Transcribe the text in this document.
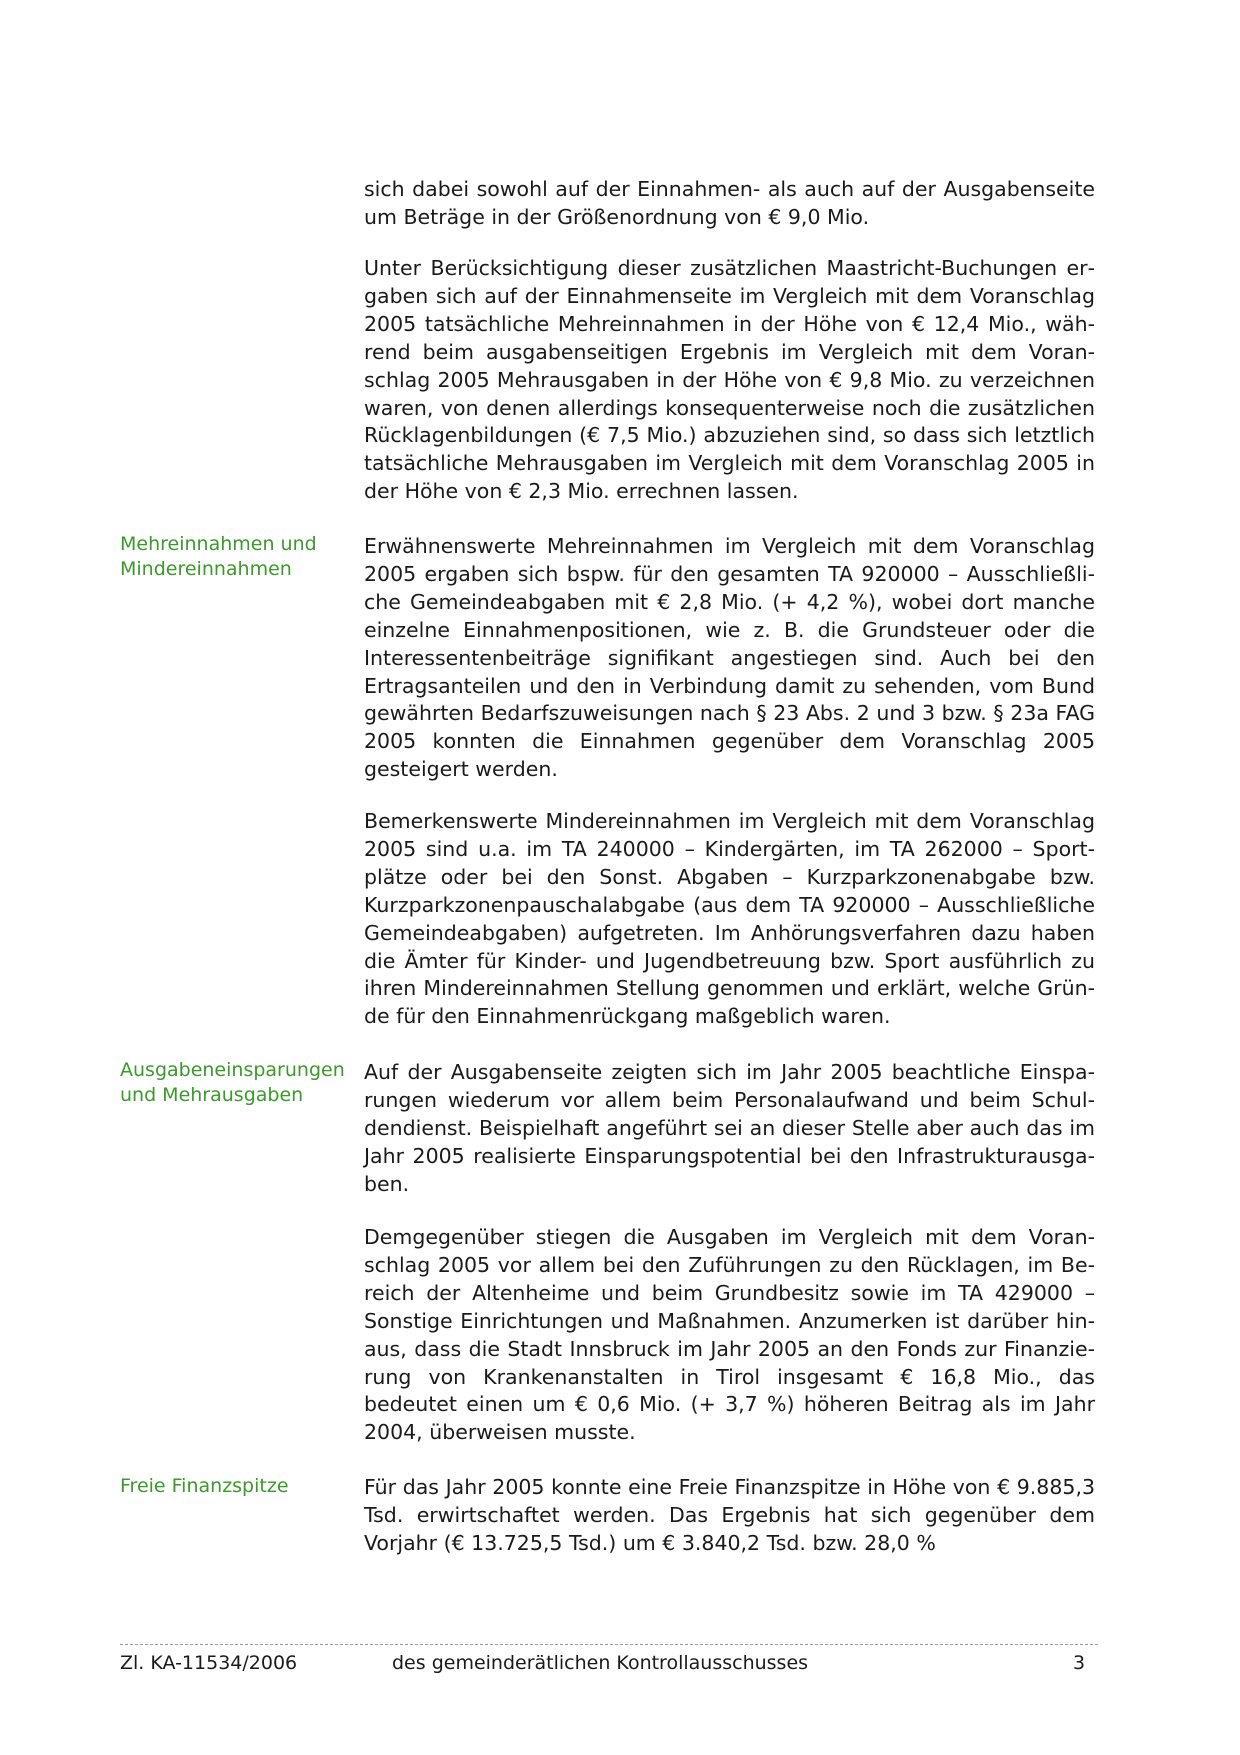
sich dabei sowohl auf der Einnahmen- als auch auf der Ausgabenseite um Beträge in der Größenordnung von € 9,0 Mio.
Unter Berücksichtigung dieser zusätzlichen Maastricht-Buchungen ergaben sich auf der Einnahmenseite im Vergleich mit dem Voranschlag 2005 tatsächliche Mehreinnahmen in der Höhe von € 12,4 Mio., während beim ausgabenseitigen Ergebnis im Vergleich mit dem Voranschlag 2005 Mehrausgaben in der Höhe von € 9,8 Mio. zu verzeichnen waren, von denen allerdings konsequenterweise noch die zusätzlichen Rücklagenbildungen (€ 7,5 Mio.) abzuziehen sind, so dass sich letztlich tatsächliche Mehrausgaben im Vergleich mit dem Voranschlag 2005 in der Höhe von € 2,3 Mio. errechnen lassen.
Mehreinnahmen und
Mindereinnahmen
Erwähnenswerte Mehreinnahmen im Vergleich mit dem Voranschlag 2005 ergaben sich bspw. für den gesamten TA 920000 – Ausschließliche Gemeindeabgaben mit € 2,8 Mio. (+ 4,2 %), wobei dort manche einzelne Einnahmenpositionen, wie z. B. die Grundsteuer oder die Interessentenbeiträge signifikant angestiegen sind. Auch bei den Ertragsanteilen und den in Verbindung damit zu sehenden, vom Bund gewährten Bedarfszuweisungen nach § 23 Abs. 2 und 3 bzw. § 23a FAG 2005 konnten die Einnahmen gegenüber dem Voranschlag 2005 gesteigert werden.
Bemerkenswerte Mindereinnahmen im Vergleich mit dem Voranschlag 2005 sind u.a. im TA 240000 – Kindergärten, im TA 262000 – Sportplätze oder bei den Sonst. Abgaben – Kurzparkzonenabgabe bzw. Kurzparkzonenpauschalabgabe (aus dem TA 920000 – Ausschließliche Gemeindeabgaben) aufgetreten. Im Anhörungsverfahren dazu haben die Ämter für Kinder- und Jugendbetreuung bzw. Sport ausführlich zu ihren Mindereinnahmen Stellung genommen und erklärt, welche Gründe für den Einnahmenrückgang maßgeblich waren.
Ausgabeneinsparungen
und Mehrausgaben
Auf der Ausgabenseite zeigten sich im Jahr 2005 beachtliche Einsparungen wiederum vor allem beim Personalaufwand und beim Schuldendienst. Beispielhaft angeführt sei an dieser Stelle aber auch das im Jahr 2005 realisierte Einsparungspotential bei den Infrastrukturausgaben.
Demgegenüber stiegen die Ausgaben im Vergleich mit dem Voranschlag 2005 vor allem bei den Zuführungen zu den Rücklagen, im Bereich der Altenheime und beim Grundbesitz sowie im TA 429000 – Sonstige Einrichtungen und Maßnahmen. Anzumerken ist darüber hinaus, dass die Stadt Innsbruck im Jahr 2005 an den Fonds zur Finanzierung von Krankenanstalten in Tirol insgesamt € 16,8 Mio., das bedeutet einen um € 0,6 Mio. (+ 3,7 %) höheren Beitrag als im Jahr 2004, überweisen musste.
Freie Finanzspitze	Für das Jahr 2005 konnte eine Freie Finanzspitze in Höhe von € 9.885,3 Tsd. erwirtschaftet werden. Das Ergebnis hat sich gegenüber dem Vorjahr (€ 13.725,5 Tsd.) um € 3.840,2 Tsd. bzw. 28,0 %
Zl. KA-11534/2006	des gemeinderätlichen Kontrollausschusses	3
